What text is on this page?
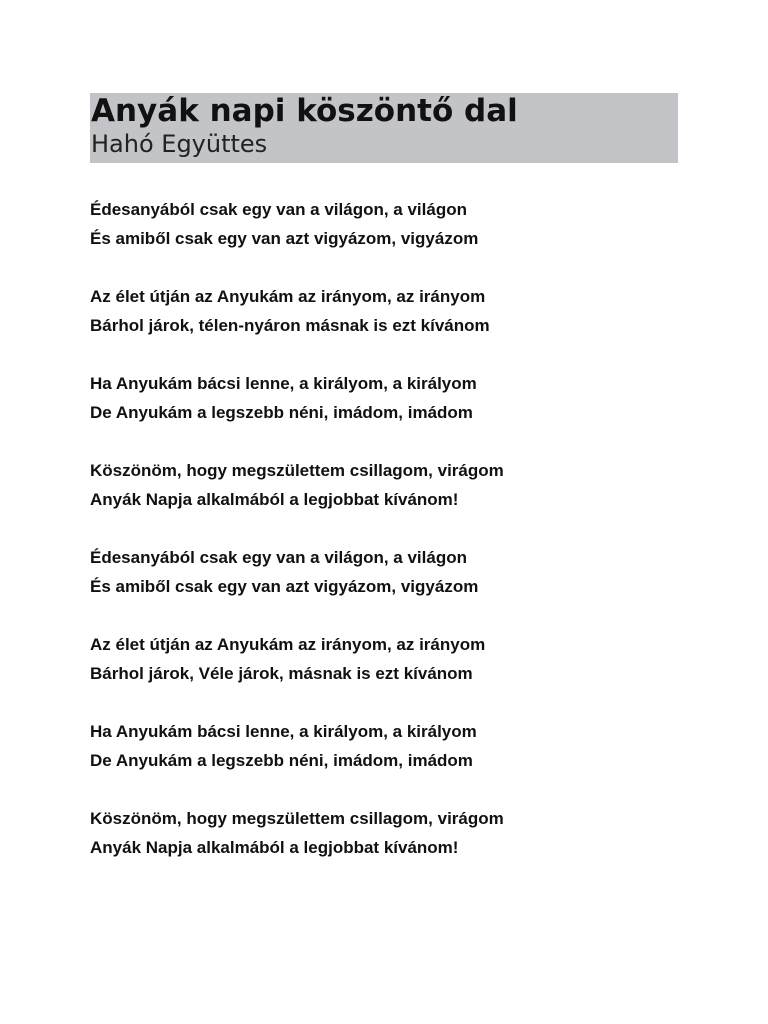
Anyák napi köszöntő dal
Hahó Együttes
Édesanyából csak egy van a világon, a világon
És amiből csak egy van azt vigyázom, vigyázom
Az élet útján az Anyukám az irányom, az irányom
Bárhol járok, télen-nyáron másnak is ezt kívánom
Ha Anyukám bácsi lenne, a királyom, a királyom
De Anyukám a legszebb néni, imádom, imádom
Köszönöm, hogy megszülettem csillagom, virágom
Anyák Napja alkalmából a legjobbat kívánom!
Édesanyából csak egy van a világon, a világon
És amiből csak egy van azt vigyázom, vigyázom
Az élet útján az Anyukám az irányom, az irányom
Bárhol járok, Véle járok, másnak is ezt kívánom
Ha Anyukám bácsi lenne, a királyom, a királyom
De Anyukám a legszebb néni, imádom, imádom
Köszönöm, hogy megszülettem csillagom, virágom
Anyák Napja alkalmából a legjobbat kívánom!
